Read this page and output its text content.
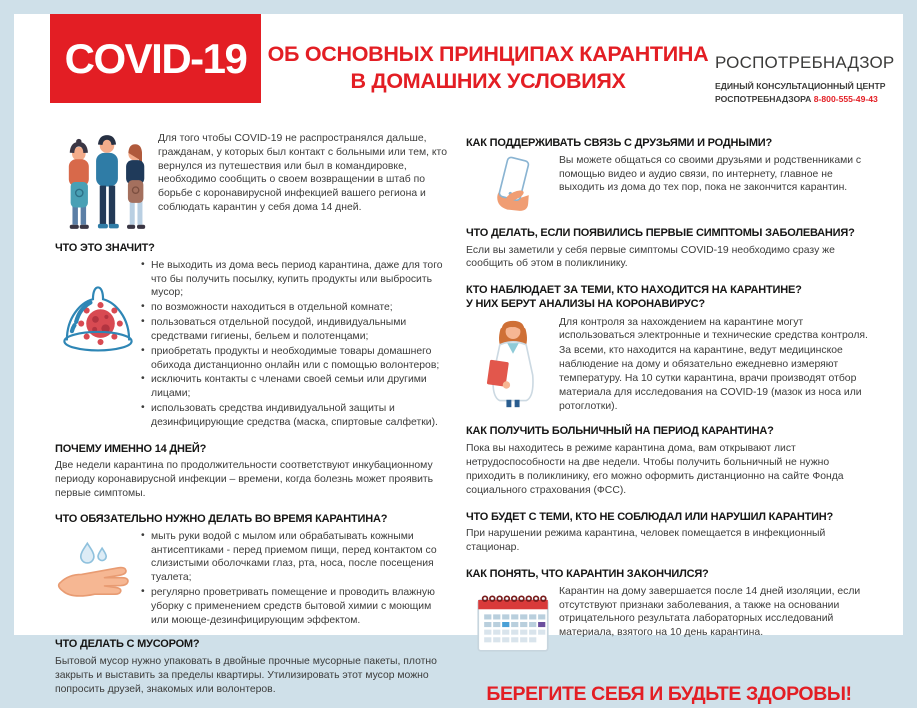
COVID-19 ОБ ОСНОВНЫХ ПРИНЦИПАХ КАРАНТИНА
В ДОМАШНИХ УСЛОВИЯХ
РОСПОТРЕБНАДЗОР
ЕДИНЫЙ КОНСУЛЬТАЦИОННЫЙ ЦЕНТР
РОСПОТРЕБНАДЗОРА 8-800-555-49-43

Для того чтобы COVID-19 не распространялся дальше, гражданам, у которых был контакт с больными или тем, кто вернулся из путешествия или был в командировке, необходимо сообщить о своем возвращении в штаб по борьбе с коронавирусной инфекцией вашего региона и соблюдать карантин у себя дома 14 дней.

ЧТО ЭТО ЗНАЧИТ?
• Не выходить из дома весь период карантина, даже для того что бы получить посылку, купить продукты или выбросить мусор;
• по возможности находиться в отдельной комнате;
• пользоваться отдельной посудой, индивидуальными средствами гигиены, бельем и полотенцами;
• приобретать продукты и необходимые товары домашнего обихода дистанционно онлайн или с помощью волонтеров;
• исключить контакты с членами своей семьи или другими лицами;
• использовать средства индивидуальной защиты и дезинфицирующие средства (маска, спиртовые салфетки).
ПОЧЕМУ ИМЕННО 14 ДНЕЙ?

Две недели карантина по продолжительности соответствуют инкубационному периоду коронавирусной инфекции – времени, когда болезнь может проявить первые симптомы.

ЧТО ОБЯЗАТЕЛЬНО НУЖНО ДЕЛАТЬ ВО ВРЕМЯ КАРАНТИНА?
• мыть руки водой с мылом или обрабатывать кожными антисептиками - перед приемом пищи, перед контактом со слизистыми оболочками глаз, рта, носа, после посещения туалета;
• регулярно проветривать помещение и проводить влажную уборку с применением средств бытовой химии с моющим или моюще-дезинфицирующим эффектом.
ЧТО ДЕЛАТЬ С МУСОРОМ?

Бытовой мусор нужно упаковать в двойные прочные мусорные пакеты, плотно закрыть и выставить за пределы квартиры. Утилизировать этот мусор можно попросить друзей, знакомых или волонтеров.

КАК ПОДДЕРЖИВАТЬ СВЯЗЬ С ДРУЗЬЯМИ И РОДНЫМИ?

Вы можете общаться со своими друзьями и родственниками с помощью видео и аудио связи, по интернету, главное не выходить из дома до тех пор, пока не закончится карантин.

ЧТО ДЕЛАТЬ, ЕСЛИ ПОЯВИЛИСЬ ПЕРВЫЕ СИМПТОМЫ ЗАБОЛЕВАНИЯ?

Если вы заметили у себя первые симптомы COVID-19 необходимо сразу же сообщить об этом в поликлинику.

КТО НАБЛЮДАЕТ ЗА ТЕМИ, КТО НАХОДИТСЯ НА КАРАНТИНЕ?
У НИХ БЕРУТ АНАЛИЗЫ НА КОРОНАВИРУС?

Для контроля за нахождением на карантине могут использоваться электронные и технические средства контроля.

За всеми, кто находится на карантине, ведут медицинское наблюдение на дому и обязательно ежедневно измеряют температуру. На 10 сутки карантина, врачи производят отбор материала для исследования на COVID-19 (мазок из носа или ротоглотки).

КАК ПОЛУЧИТЬ БОЛЬНИЧНЫЙ НА ПЕРИОД КАРАНТИНА?

Пока вы находитесь в режиме карантина дома, вам открывают лист нетрудоспособности на две недели. Чтобы получить больничный не нужно приходить в поликлинику, его можно оформить дистанционно на сайте Фонда социального страхования (ФСС).

ЧТО БУДЕТ С ТЕМИ, КТО НЕ СОБЛЮДАЛ ИЛИ НАРУШИЛ КАРАНТИН?

При нарушении режима карантина, человек помещается в инфекционный стационар.

КАК ПОНЯТЬ, ЧТО КАРАНТИН ЗАКОНЧИЛСЯ?

Карантин на дому завершается после 14 дней изоляции, если отсутствуют признаки заболевания, а также на основании отрицательного результата лабораторных исследований материала, взятого на 10 день карантина.

БЕРЕГИТЕ СЕБЯ И БУДЬТЕ ЗДОРОВЫ!
